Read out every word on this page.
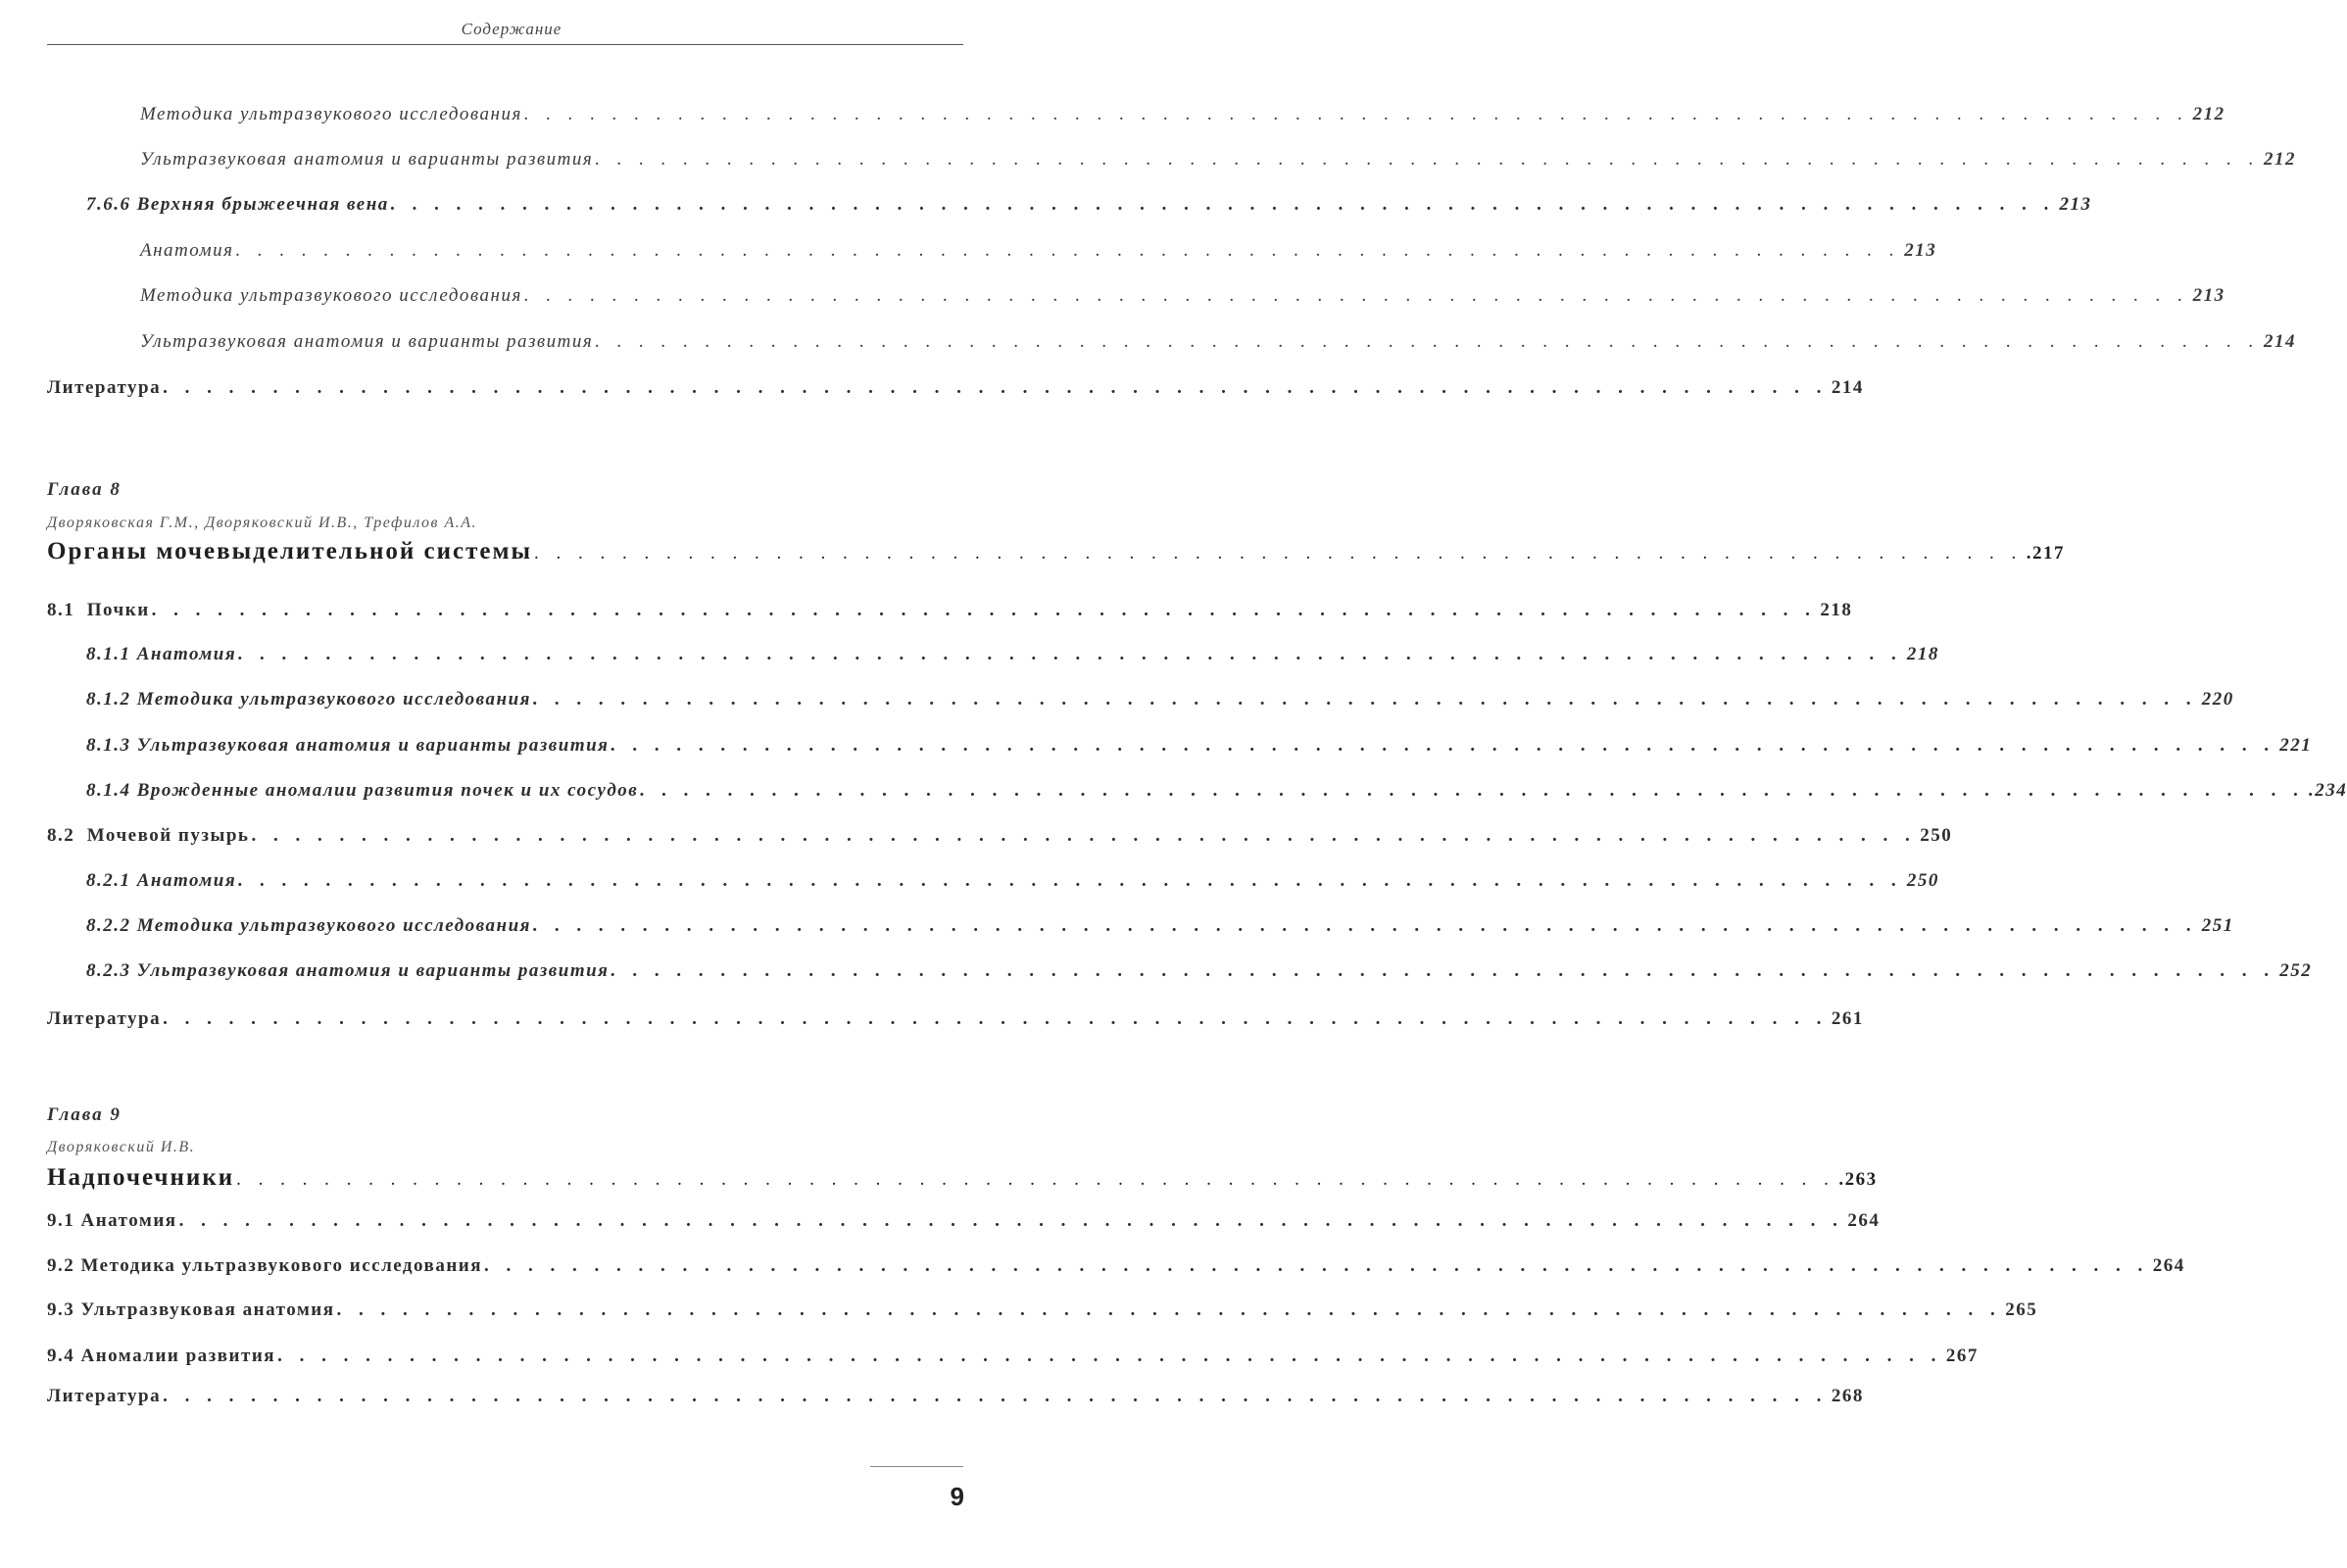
Содержание
Методика ультразвукового исследования . . . . . . . . . . . . . . . . . . . . . . . . . . . . . . . . . . . . . . . . . . . . . . . . . . . . . . . . . . . . . . . . . . . . . . . . . . . . 212
Ультразвуковая анатомия и варианты развития . . . . . . . . . . . . . . . . . . . . . . . . . . . . . . . . . . . . . . . . . . . . . . . . . . . . . . . . . . . . . . . . . . . . . . . . . . . . 212
7.6.6 Верхняя брыжеечная вена . . . . . . . . . . . . . . . . . . . . . . . . . . . . . . . . . . . . . . . . . . . . . . . . . . . . . . . . . . . . . . . . . . . . . . . . . . . . 213
Анатомия . . . . . . . . . . . . . . . . . . . . . . . . . . . . . . . . . . . . . . . . . . . . . . . . . . . . . . . . . . . . . . . . . . . . . . . . . . . . 213
Методика ультразвукового исследования . . . . . . . . . . . . . . . . . . . . . . . . . . . . . . . . . . . . . . . . . . . . . . . . . . . . . . . . . . . . . . . . . . . . . . . . . . . . 213
Ультразвуковая анатомия и варианты развития . . . . . . . . . . . . . . . . . . . . . . . . . . . . . . . . . . . . . . . . . . . . . . . . . . . . . . . . . . . . . . . . . . . . . . . . . . . . 214
Литература . . . . . . . . . . . . . . . . . . . . . . . . . . . . . . . . . . . . . . . . . . . . . . . . . . . . . . . . . . . . . . . . . . . . . . . . . . . . 214
Глава 8
Дворяковская Г.М., Дворяковский И.В., Трефилов А.А.
Органы мочевыделительной системы . . . . . . . . . . . . . . . . . . . . . . . . . . . . . . . . . . . . . . . . . . . . . . . . . . . . . . . . . . . . . . . . . . . . .217
8.1  Почки . . . . . . . . . . . . . . . . . . . . . . . . . . . . . . . . . . . . . . . . . . . . . . . . . . . . . . . . . . . . . . . . . . . . . . . . . . . . 218
8.1.1 Анатомия . . . . . . . . . . . . . . . . . . . . . . . . . . . . . . . . . . . . . . . . . . . . . . . . . . . . . . . . . . . . . . . . . . . . . . . . . . . . 218
8.1.2 Методика ультразвукового исследования . . . . . . . . . . . . . . . . . . . . . . . . . . . . . . . . . . . . . . . . . . . . . . . . . . . . . . . . . . . . . . . . . . . . . . . . . . . . 220
8.1.3 Ультразвуковая анатомия и варианты развития . . . . . . . . . . . . . . . . . . . . . . . . . . . . . . . . . . . . . . . . . . . . . . . . . . . . . . . . . . . . . . . . . . . . . . . . . . . . 221
8.1.4 Врожденные аномалии развития почек и их сосудов . . . . . . . . . . . . . . . . . . . . . . . . . . . . . . . . . . . . . . . . . . . . . . . . . . . . . . . . . . . . . . . . . . . . . . . . . . . . .234
8.2  Мочевой пузырь . . . . . . . . . . . . . . . . . . . . . . . . . . . . . . . . . . . . . . . . . . . . . . . . . . . . . . . . . . . . . . . . . . . . . . . . . . . . 250
8.2.1 Анатомия . . . . . . . . . . . . . . . . . . . . . . . . . . . . . . . . . . . . . . . . . . . . . . . . . . . . . . . . . . . . . . . . . . . . . . . . . . . . 250
8.2.2 Методика ультразвукового исследования . . . . . . . . . . . . . . . . . . . . . . . . . . . . . . . . . . . . . . . . . . . . . . . . . . . . . . . . . . . . . . . . . . . . . . . . . . . . 251
8.2.3 Ультразвуковая анатомия и варианты развития . . . . . . . . . . . . . . . . . . . . . . . . . . . . . . . . . . . . . . . . . . . . . . . . . . . . . . . . . . . . . . . . . . . . . . . . . . . . 252
Литература . . . . . . . . . . . . . . . . . . . . . . . . . . . . . . . . . . . . . . . . . . . . . . . . . . . . . . . . . . . . . . . . . . . . . . . . . . . . 261
Глава 9
Дворяковский И.В.
Надпочечники . . . . . . . . . . . . . . . . . . . . . . . . . . . . . . . . . . . . . . . . . . . . . . . . . . . . . . . . . . . . . . . . . . . . . . . . . .263
9.1 Анатомия . . . . . . . . . . . . . . . . . . . . . . . . . . . . . . . . . . . . . . . . . . . . . . . . . . . . . . . . . . . . . . . . . . . . . . . . . . . . 264
9.2 Методика ультразвукового исследования . . . . . . . . . . . . . . . . . . . . . . . . . . . . . . . . . . . . . . . . . . . . . . . . . . . . . . . . . . . . . . . . . . . . . . . . . . . . 264
9.3 Ультразвуковая анатомия . . . . . . . . . . . . . . . . . . . . . . . . . . . . . . . . . . . . . . . . . . . . . . . . . . . . . . . . . . . . . . . . . . . . . . . . . . . . 265
9.4 Аномалии развития . . . . . . . . . . . . . . . . . . . . . . . . . . . . . . . . . . . . . . . . . . . . . . . . . . . . . . . . . . . . . . . . . . . . . . . . . . . . 267
Литература . . . . . . . . . . . . . . . . . . . . . . . . . . . . . . . . . . . . . . . . . . . . . . . . . . . . . . . . . . . . . . . . . . . . . . . . . . . . 268
9
